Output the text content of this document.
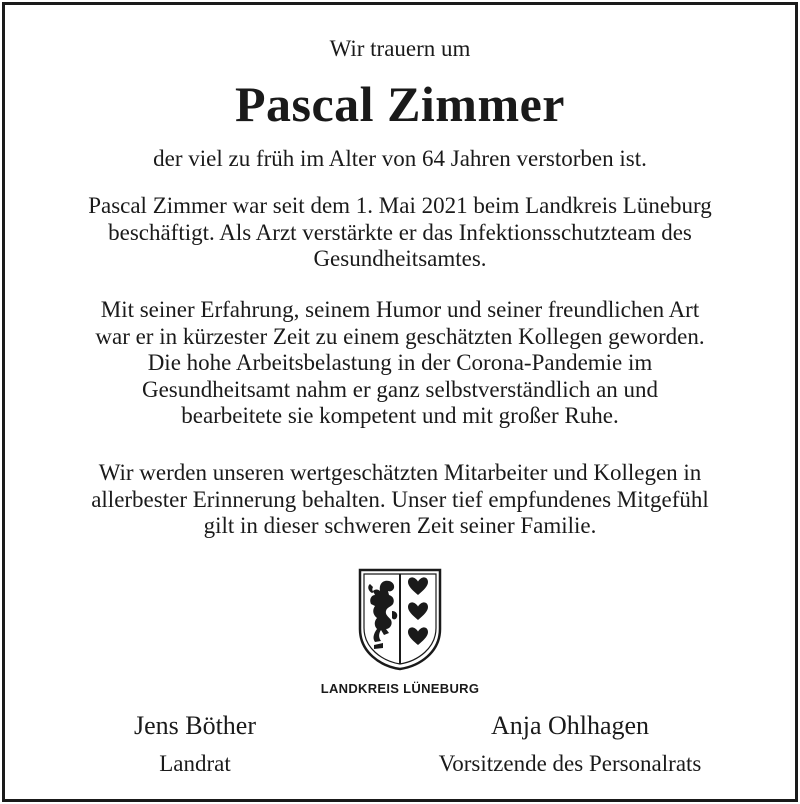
Wir trauern um
Pascal Zimmer
der viel zu früh im Alter von 64 Jahren verstorben ist.
Pascal Zimmer war seit dem 1. Mai 2021 beim Landkreis Lüneburg
beschäftigt. Als Arzt verstärkte er das Infektionsschutzteam des
Gesundheitsamtes.
Mit seiner Erfahrung, seinem Humor und seiner freundlichen Art
war er in kürzester Zeit zu einem geschätzten Kollegen geworden.
Die hohe Arbeitsbelastung in der Corona-Pandemie im
Gesundheitsamt nahm er ganz selbstverständlich an und
bearbeitete sie kompetent und mit großer Ruhe.
Wir werden unseren wertgeschätzten Mitarbeiter und Kollegen in
allerbester Erinnerung behalten. Unser tief empfundenes Mitgefühl
gilt in dieser schweren Zeit seiner Familie.
LANDKREIS LÜNEBURG
Jens Böther
Landrat
Anja Ohlhagen
Vorsitzende des Personalrats
